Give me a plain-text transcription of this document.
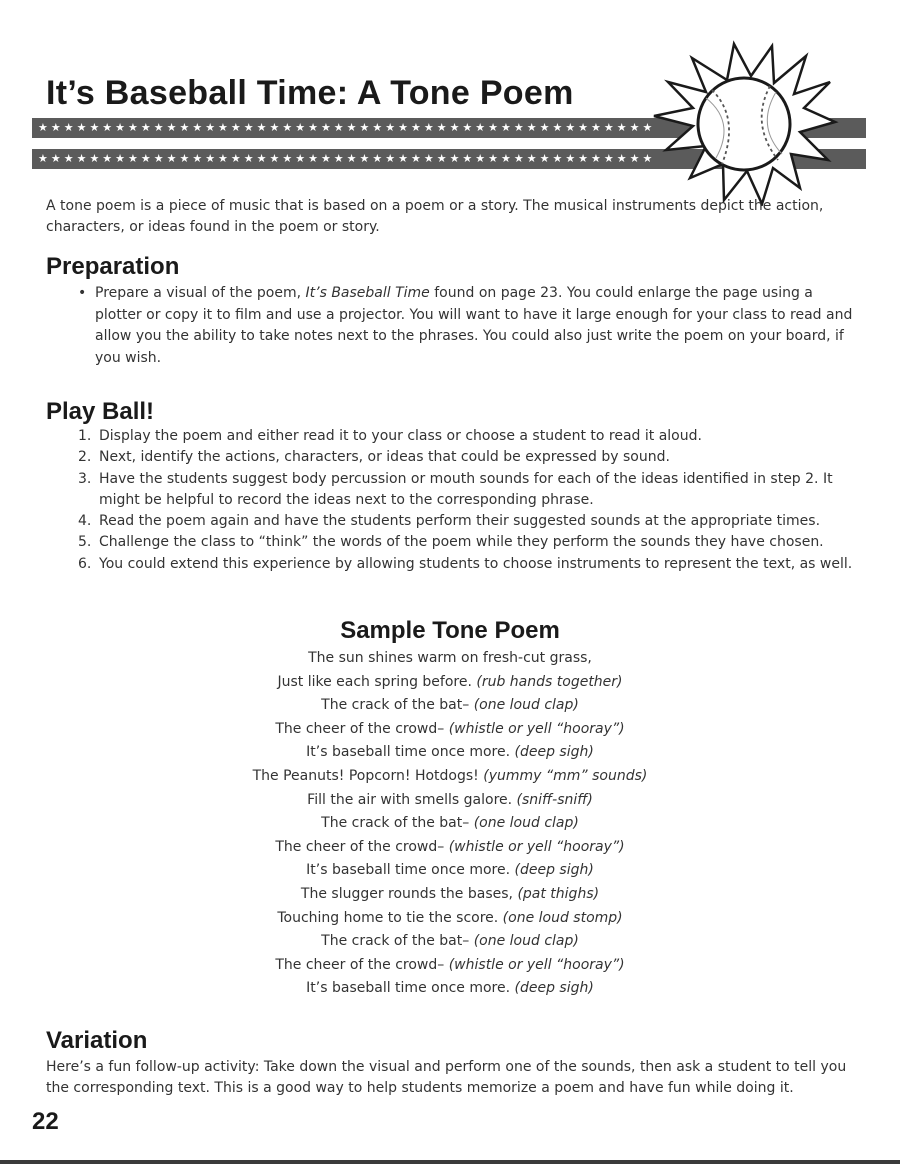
It’s Baseball Time: A Tone Poem
★★★★★★★★★★★★★★★★★★★★★★★★★★★★★★★★★★★★★★★★★★★★★★★★
★★★★★★★★★★★★★★★★★★★★★★★★★★★★★★★★★★★★★★★★★★★★★★★★

A tone poem is a piece of music that is based on a poem or a story. The musical instruments depict the action, characters, or ideas found in the poem or story.

Preparation
• Prepare a visual of the poem, It’s Baseball Time found on page 23. You could enlarge the page using a plotter or copy it to film and use a projector. You will want to have it large enough for your class to read and allow you the ability to take notes next to the phrases. You could also just write the poem on your board, if you wish.
Play Ball!
1. Display the poem and either read it to your class or choose a student to read it aloud.
2. Next, identify the actions, characters, or ideas that could be expressed by sound.
3. Have the students suggest body percussion or mouth sounds for each of the ideas identified in step 2. It might be helpful to record the ideas next to the corresponding phrase.
4. Read the poem again and have the students perform their suggested sounds at the appropriate times.
5. Challenge the class to “think” the words of the poem while they perform the sounds they have chosen.
6. You could extend this experience by allowing students to choose instruments to represent the text, as well.
Sample Tone Poem
The sun shines warm on fresh-cut grass,
Just like each spring before. (rub hands together)
The crack of the bat– (one loud clap)
The cheer of the crowd– (whistle or yell “hooray”)
It’s baseball time once more. (deep sigh)
The Peanuts! Popcorn! Hotdogs! (yummy “mm” sounds)
Fill the air with smells galore. (sniff-sniff)
The crack of the bat– (one loud clap)
The cheer of the crowd– (whistle or yell “hooray”)
It’s baseball time once more. (deep sigh)
The slugger rounds the bases, (pat thighs)
Touching home to tie the score. (one loud stomp)
The crack of the bat– (one loud clap)
The cheer of the crowd– (whistle or yell “hooray”)
It’s baseball time once more. (deep sigh)
Variation

Here’s a fun follow-up activity: Take down the visual and perform one of the sounds, then ask a student to tell you the corresponding text. This is a good way to help students memorize a poem and have fun while doing it.

22
